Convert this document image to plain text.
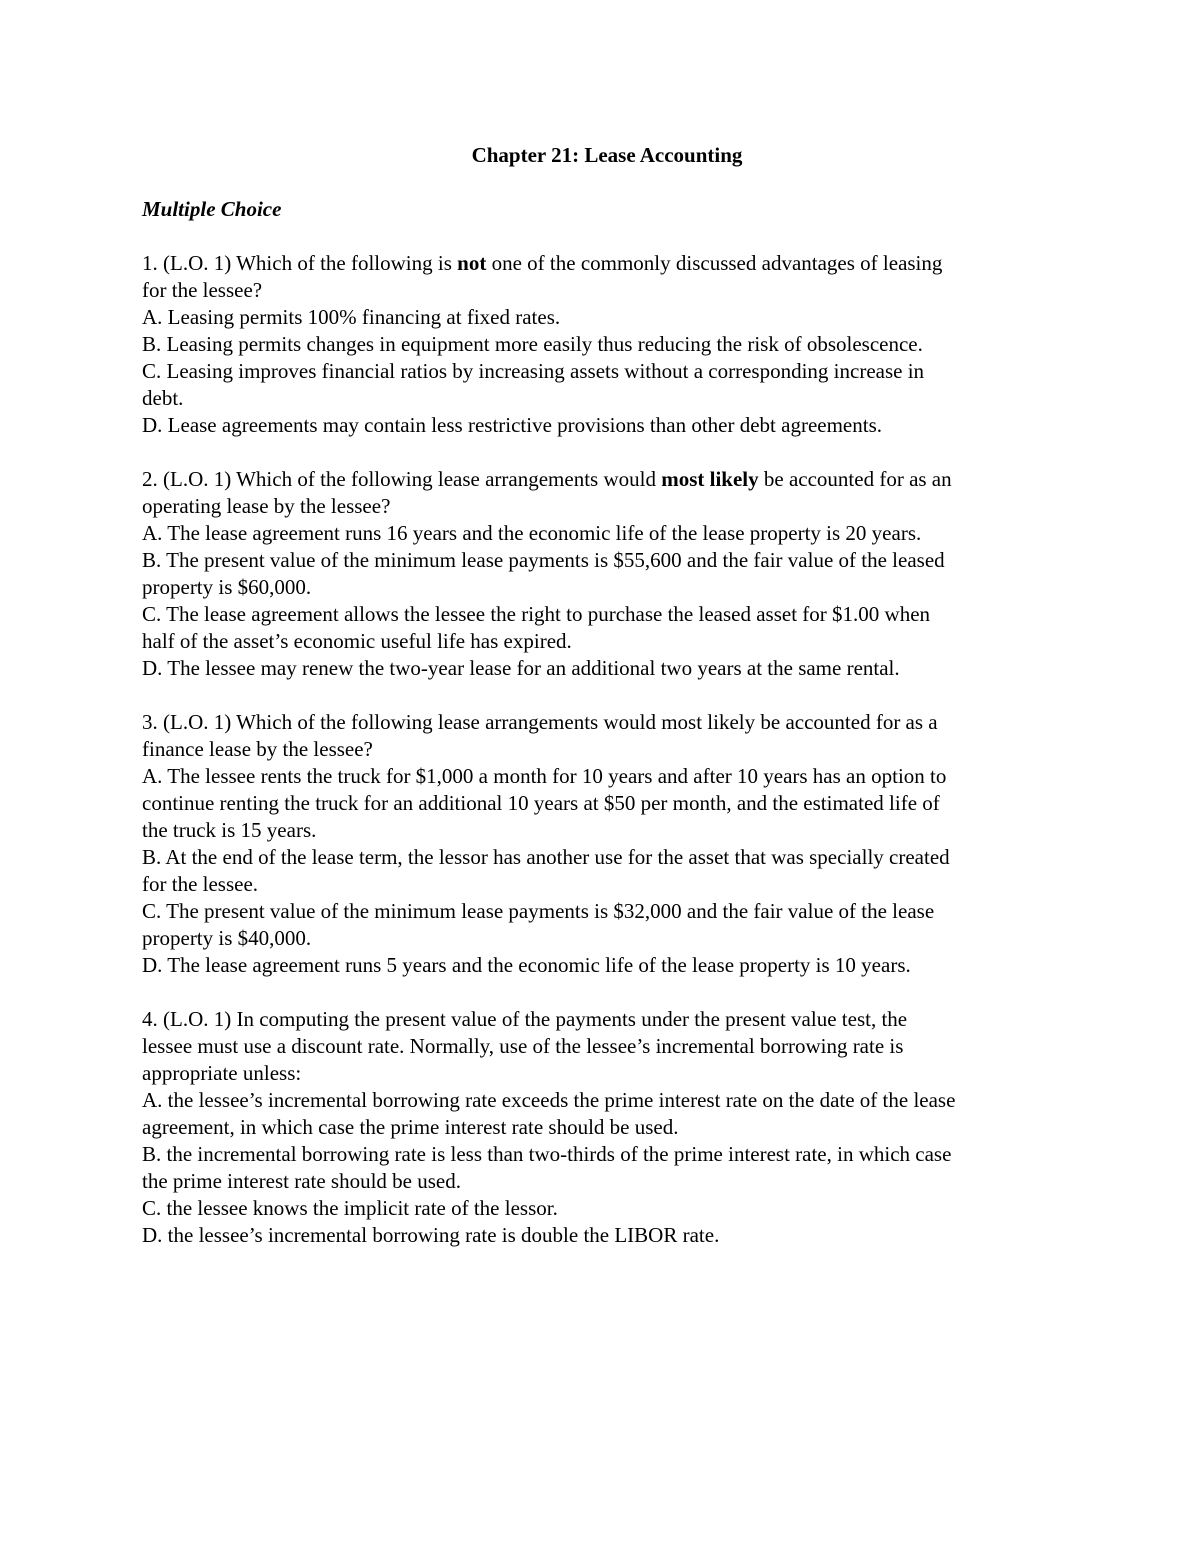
Chapter 21: Lease Accounting
Multiple Choice
1. (L.O. 1) Which of the following is not one of the commonly discussed advantages of leasing
for the lessee?
A. Leasing permits 100% financing at fixed rates.
B. Leasing permits changes in equipment more easily thus reducing the risk of obsolescence.
C. Leasing improves financial ratios by increasing assets without a corresponding increase in
debt.
D. Lease agreements may contain less restrictive provisions than other debt agreements.
2. (L.O. 1) Which of the following lease arrangements would most likely be accounted for as an
operating lease by the lessee?
A. The lease agreement runs 16 years and the economic life of the lease property is 20 years.
B. The present value of the minimum lease payments is $55,600 and the fair value of the leased
property is $60,000.
C. The lease agreement allows the lessee the right to purchase the leased asset for $1.00 when
half of the asset’s economic useful life has expired.
D. The lessee may renew the two-year lease for an additional two years at the same rental.
3. (L.O. 1) Which of the following lease arrangements would most likely be accounted for as a
finance lease by the lessee?
A. The lessee rents the truck for $1,000 a month for 10 years and after 10 years has an option to
continue renting the truck for an additional 10 years at $50 per month, and the estimated life of
the truck is 15 years.
B. At the end of the lease term, the lessor has another use for the asset that was specially created
for the lessee.
C. The present value of the minimum lease payments is $32,000 and the fair value of the lease
property is $40,000.
D. The lease agreement runs 5 years and the economic life of the lease property is 10 years.
4. (L.O. 1) In computing the present value of the payments under the present value test, the
lessee must use a discount rate. Normally, use of the lessee’s incremental borrowing rate is
appropriate unless:
A. the lessee’s incremental borrowing rate exceeds the prime interest rate on the date of the lease
agreement, in which case the prime interest rate should be used.
B. the incremental borrowing rate is less than two-thirds of the prime interest rate, in which case
the prime interest rate should be used.
C. the lessee knows the implicit rate of the lessor.
D. the lessee’s incremental borrowing rate is double the LIBOR rate.
